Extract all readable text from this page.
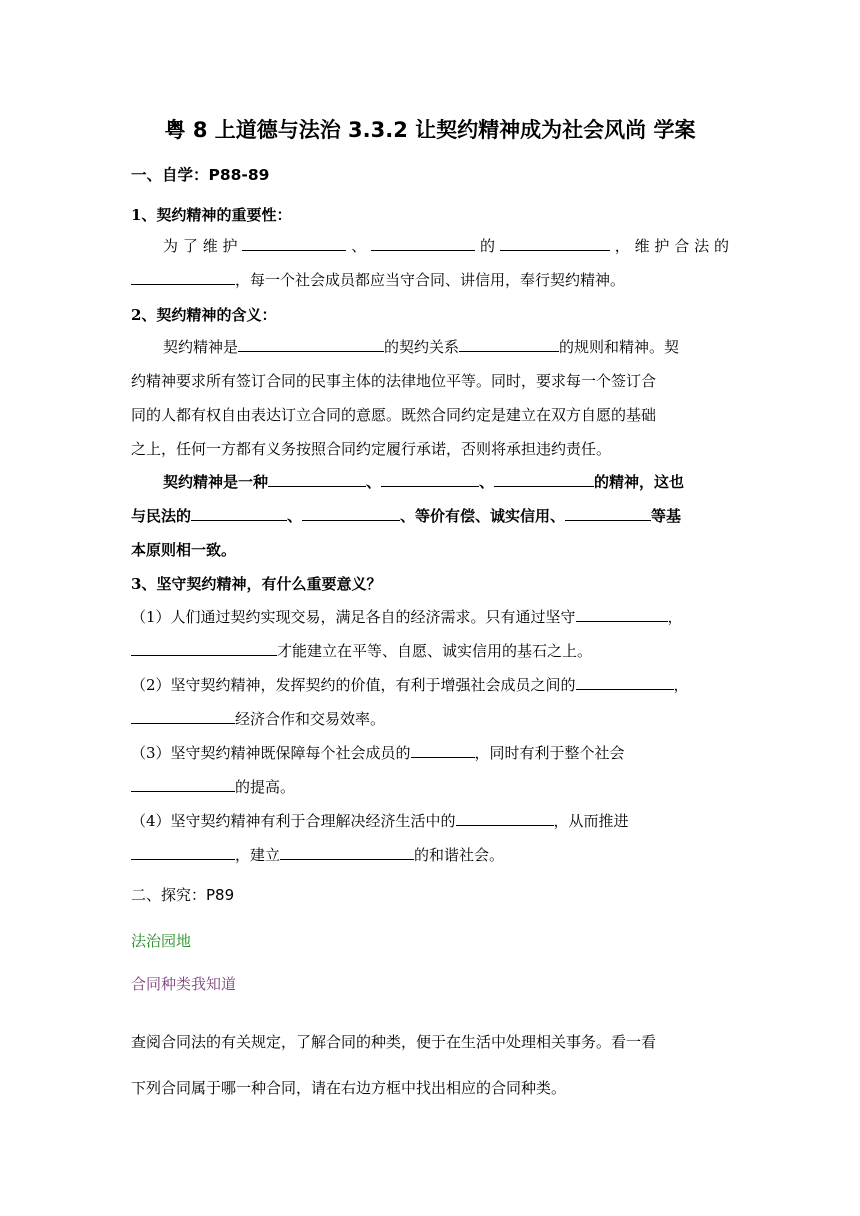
粤 8 上道德与法治 3.3.2 让契约精神成为社会风尚 学案
一、自学：P88-89
1、契约精神的重要性：
为了维护	、	的	，维护合法的
，每一个社会成员都应当守合同、讲信用，奉行契约精神。
2、契约精神的含义：
契约精神是	的契约关系	的规则和精神。契
约精神要求所有签订合同的民事主体的法律地位平等。同时，要求每一个签订合
同的人都有权自由表达订立合同的意愿。既然合同约定是建立在双方自愿的基础
之上，任何一方都有义务按照合同约定履行承诺，否则将承担违约责任。
契约精神是一种	、	、	的精神，这也
与民法的	、	、等价有偿、诚实信用、	等基
本原则相一致。
3、坚守契约精神，有什么重要意义？
（1）人们通过契约实现交易，满足各自的经济需求。只有通过坚守	，
才能建立在平等、自愿、诚实信用的基石之上。
（2）坚守契约精神，发挥契约的价值，有利于增强社会成员之间的	，
经济合作和交易效率。
（3）坚守契约精神既保障每个社会成员的	，同时有利于整个社会
的提高。
（4）坚守契约精神有利于合理解决经济生活中的	，从而推进
，建立	的和谐社会。
二、探究：P89
法治园地
合同种类我知道
查阅合同法的有关规定，了解合同的种类，便于在生活中处理相关事务。看一看
下列合同属于哪一种合同，请在右边方框中找出相应的合同种类。
